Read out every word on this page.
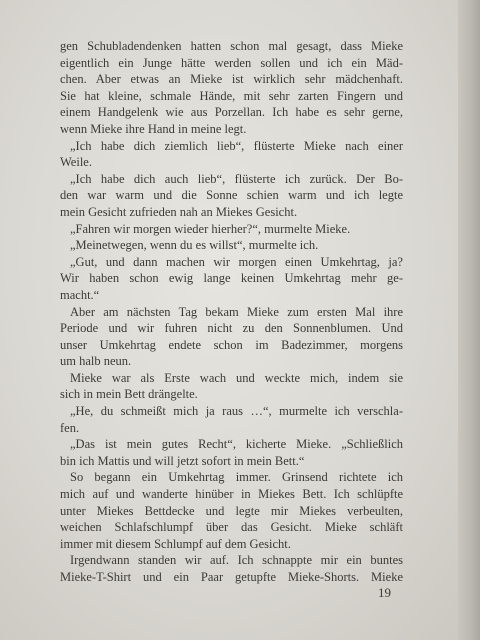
gen Schubladendenken hatten schon mal gesagt, dass Mieke
eigentlich ein Junge hätte werden sollen und ich ein Mäd-
chen. Aber etwas an Mieke ist wirklich sehr mädchenhaft.
Sie hat kleine, schmale Hände, mit sehr zarten Fingern und
einem Handgelenk wie aus Porzellan. Ich habe es sehr gerne,
wenn Mieke ihre Hand in meine legt.
„Ich habe dich ziemlich lieb“, flüsterte Mieke nach einer
Weile.
„Ich habe dich auch lieb“, flüsterte ich zurück. Der Bo-
den war warm und die Sonne schien warm und ich legte
mein Gesicht zufrieden nah an Miekes Gesicht.
„Fahren wir morgen wieder hierher?“, murmelte Mieke.
„Meinetwegen, wenn du es willst“, murmelte ich.
„Gut, und dann machen wir morgen einen Umkehrtag, ja?
Wir haben schon ewig lange keinen Umkehrtag mehr ge-
macht.“
Aber am nächsten Tag bekam Mieke zum ersten Mal ihre
Periode und wir fuhren nicht zu den Sonnenblumen. Und
unser Umkehrtag endete schon im Badezimmer, morgens
um halb neun.
Mieke war als Erste wach und weckte mich, indem sie
sich in mein Bett drängelte.
„He, du schmeißt mich ja raus …“, murmelte ich verschla-
fen.
„Das ist mein gutes Recht“, kicherte Mieke. „Schließlich
bin ich Mattis und will jetzt sofort in mein Bett.“
So begann ein Umkehrtag immer. Grinsend richtete ich
mich auf und wanderte hinüber in Miekes Bett. Ich schlüpfte
unter Miekes Bettdecke und legte mir Miekes verbeulten,
weichen Schlafschlumpf über das Gesicht. Mieke schläft
immer mit diesem Schlumpf auf dem Gesicht.
Irgendwann standen wir auf. Ich schnappte mir ein buntes
Mieke-T-Shirt und ein Paar getupfte Mieke-Shorts. Mieke
19
